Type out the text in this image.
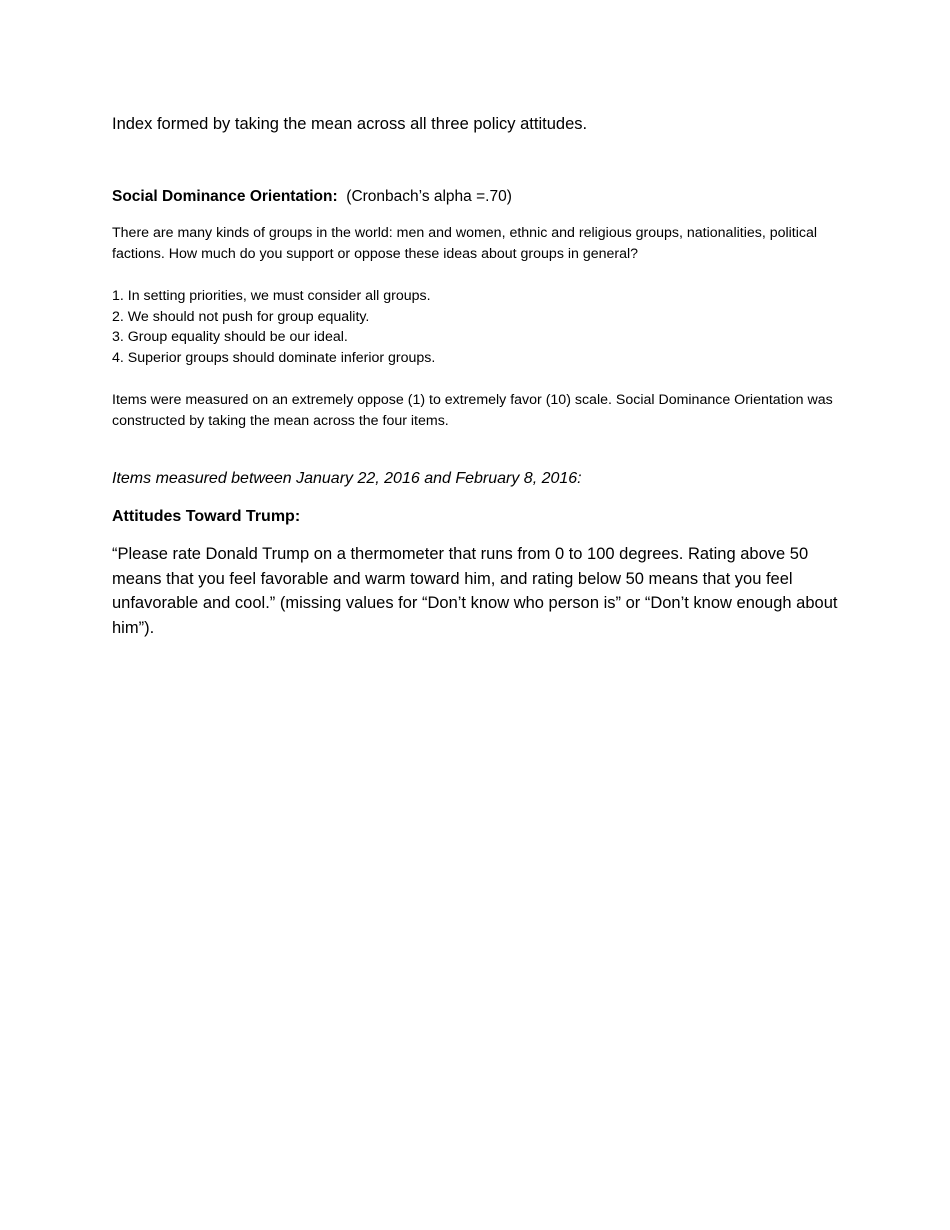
Index formed by taking the mean across all three policy attitudes.
Social Dominance Orientation: (Cronbach’s alpha =.70)
There are many kinds of groups in the world: men and women, ethnic and religious groups, nationalities, political factions. How much do you support or oppose these ideas about groups in general?
1. In setting priorities, we must consider all groups.
2. We should not push for group equality.
3. Group equality should be our ideal.
4. Superior groups should dominate inferior groups.
Items were measured on an extremely oppose (1) to extremely favor (10) scale. Social Dominance Orientation was constructed by taking the mean across the four items.
Items measured between January 22, 2016 and February 8, 2016:
Attitudes Toward Trump:
“Please rate Donald Trump on a thermometer that runs from 0 to 100 degrees. Rating above 50 means that you feel favorable and warm toward him, and rating below 50 means that you feel unfavorable and cool.” (missing values for “Don’t know who person is” or “Don’t know enough about him”).
